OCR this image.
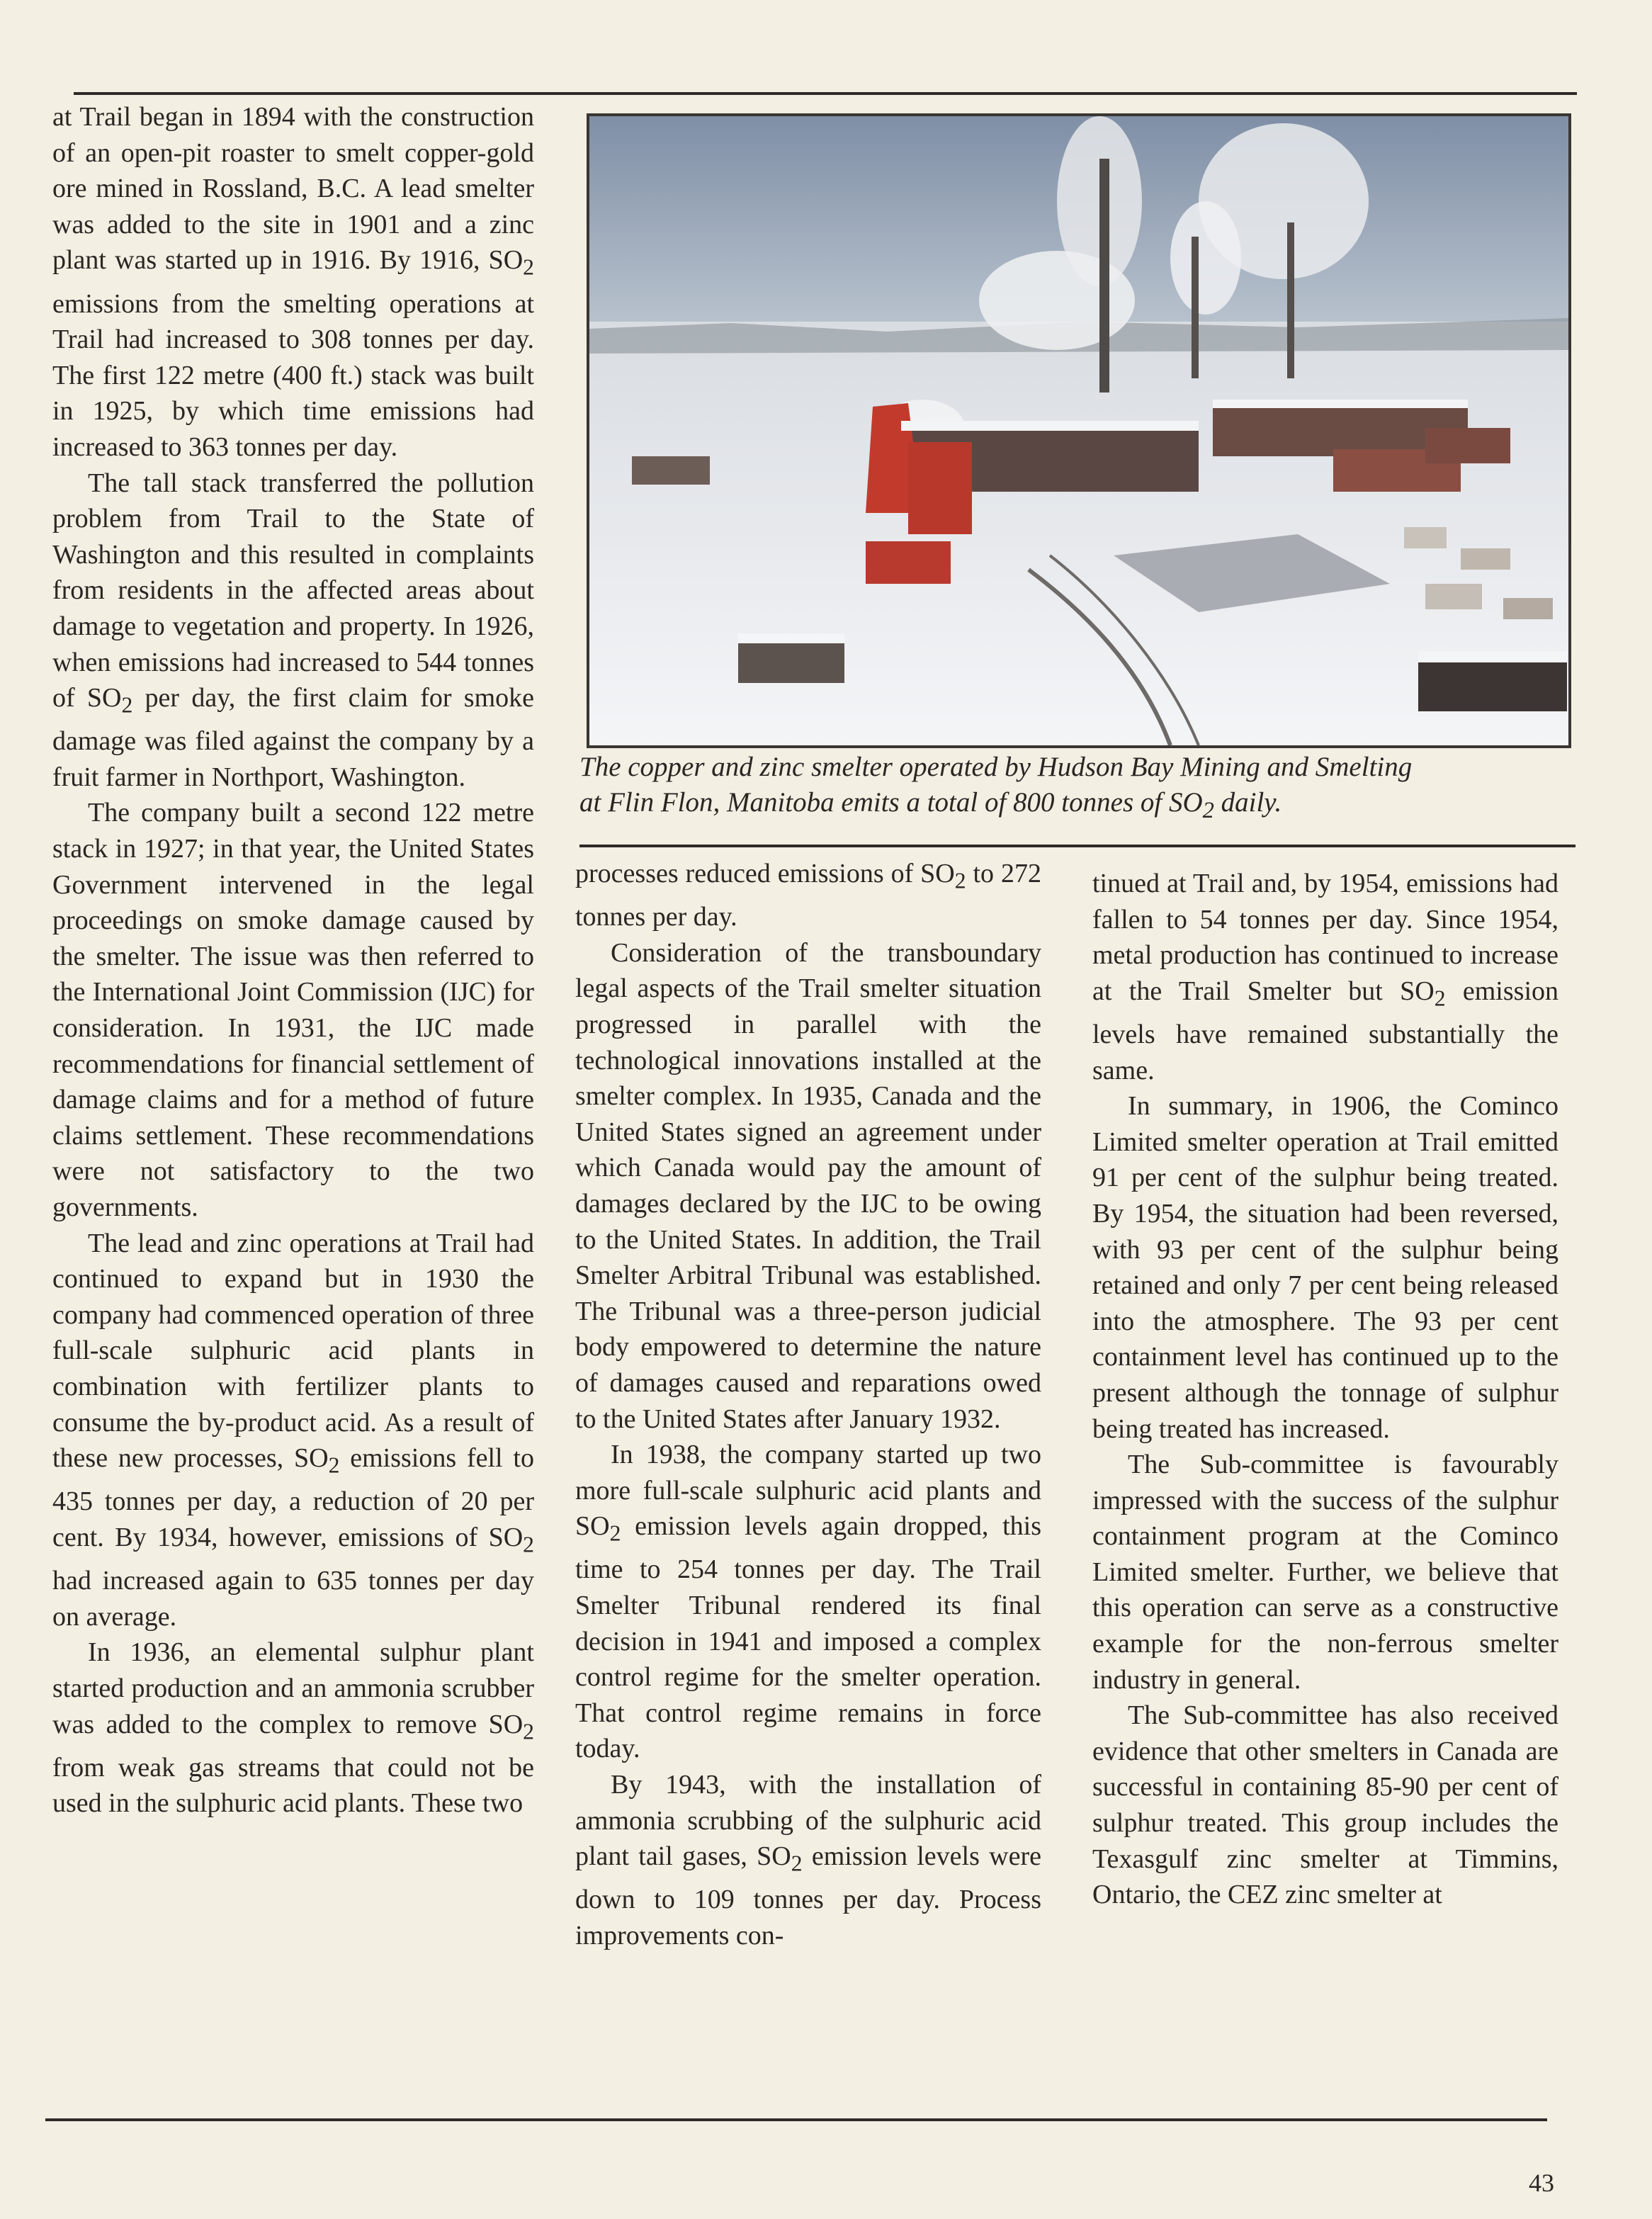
The copper and zinc smelter operated by Hudson Bay Mining and Smelting
at Flin Flon, Manitoba emits a total of 800 tonnes of $SO_2$ daily.

at Trail began in 1894 with the construction of an open-pit roaster to smelt copper-gold ore mined in Rossland, B.C. A lead smelter was added to the site in 1901 and a zinc plant was started up in 1916. By 1916, $SO_2$ emissions from the smelting operations at Trail had increased to 308 tonnes per day. The first 122 metre (400 ft.) stack was built in 1925, by which time emissions had increased to 363 tonnes per day.

The tall stack transferred the pollution problem from Trail to the State of Washington and this resulted in complaints from residents in the affected areas about damage to vegetation and property. In 1926, when emissions had increased to 544 tonnes of $SO_2$ per day, the first claim for smoke damage was filed against the company by a fruit farmer in Northport, Washington.

The company built a second 122 metre stack in 1927; in that year, the United States Government intervened in the legal proceedings on smoke damage caused by the smelter. The issue was then referred to the International Joint Commission (IJC) for consideration. In 1931, the IJC made recommendations for financial settlement of damage claims and for a method of future claims settlement. These recommendations were not satisfactory to the two governments.

The lead and zinc operations at Trail had continued to expand but in 1930 the company had commenced operation of three full-scale sulphuric acid plants in combination with fertilizer plants to consume the by-product acid. As a result of these new processes, $SO_2$ emissions fell to 435 tonnes per day, a reduction of 20 per cent. By 1934, however, emissions of $SO_2$ had increased again to 635 tonnes per day on average.

In 1936, an elemental sulphur plant started production and an ammonia scrubber was added to the complex to remove $SO_2$ from weak gas streams that could not be used in the sulphuric acid plants. These two

processes reduced emissions of $SO_2$ to 272 tonnes per day.

Consideration of the transboundary legal aspects of the Trail smelter situation progressed in parallel with the technological innovations installed at the smelter complex. In 1935, Canada and the United States signed an agreement under which Canada would pay the amount of damages declared by the IJC to be owing to the United States. In addition, the Trail Smelter Arbitral Tribunal was established. The Tribunal was a three-person judicial body empowered to determine the nature of damages caused and reparations owed to the United States after January 1932.

In 1938, the company started up two more full-scale sulphuric acid plants and $SO_2$ emission levels again dropped, this time to 254 tonnes per day. The Trail Smelter Tribunal rendered its final decision in 1941 and imposed a complex control regime for the smelter operation. That control regime remains in force today.

By 1943, with the installation of ammonia scrubbing of the sulphuric acid plant tail gases, $SO_2$ emission levels were down to 109 tonnes per day. Process improvements con-

tinued at Trail and, by 1954, emissions had fallen to 54 tonnes per day. Since 1954, metal production has continued to increase at the Trail Smelter but $SO_2$ emission levels have remained substantially the same.

In summary, in 1906, the Cominco Limited smelter operation at Trail emitted 91 per cent of the sulphur being treated. By 1954, the situation had been reversed, with 93 per cent of the sulphur being retained and only 7 per cent being released into the atmosphere. The 93 per cent containment level has continued up to the present although the tonnage of sulphur being treated has increased.

The Sub-committee is favourably impressed with the success of the sulphur containment program at the Cominco Limited smelter. Further, we believe that this operation can serve as a constructive example for the non-ferrous smelter industry in general.

The Sub-committee has also received evidence that other smelters in Canada are successful in containing 85-90 per cent of sulphur treated. This group includes the Texasgulf zinc smelter at Timmins, Ontario, the CEZ zinc smelter at

43
